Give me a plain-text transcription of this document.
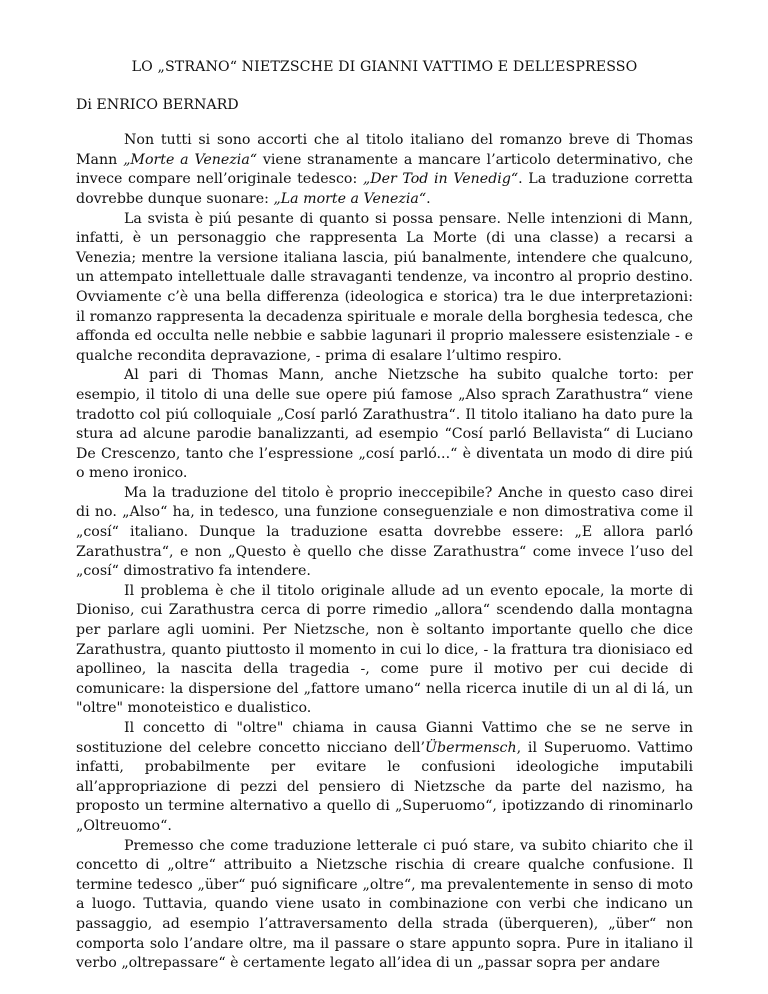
LO „STRANO“ NIETZSCHE DI GIANNI VATTIMO E DELL’ESPRESSO
Di ENRICO BERNARD

Non tutti si sono accorti che al titolo italiano del romanzo breve di Thomas Mann „Morte a Venezia“ viene stranamente a mancare l’articolo determinativo, che invece compare nell’originale tedesco: „Der Tod in Venedig“. La traduzione corretta dovrebbe dunque suonare: „La morte a Venezia“.

La svista è piú pesante di quanto si possa pensare. Nelle intenzioni di Mann, infatti, è un personaggio che rappresenta La Morte (di una classe) a recarsi a Venezia; mentre la versione italiana lascia, piú banalmente, intendere che qualcuno, un attempato intellettuale dalle stravaganti tendenze, va incontro al proprio destino. Ovviamente c’è una bella differenza (ideologica e storica) tra le due interpretazioni: il romanzo rappresenta la decadenza spirituale e morale della borghesia tedesca, che affonda ed occulta nelle nebbie e sabbie lagunari il proprio malessere esistenziale - e qualche recondita depravazione, - prima di esalare l’ultimo respiro.

Al pari di Thomas Mann, anche Nietzsche ha subito qualche torto: per esempio, il titolo di una delle sue opere piú famose „Also sprach Zarathustra“ viene tradotto col piú colloquiale „Cosí parló Zarathustra“. Il titolo italiano ha dato pure la stura ad alcune parodie banalizzanti, ad esempio “Cosí parló Bellavista“ di Luciano De Crescenzo, tanto che l’espressione „cosí parló...“ è diventata un modo di dire piú o meno ironico.

Ma la traduzione del titolo è proprio ineccepibile? Anche in questo caso direi di no. „Also“ ha, in tedesco, una funzione conseguenziale e non dimostrativa come il „cosí“ italiano. Dunque la traduzione esatta dovrebbe essere: „E allora parló Zarathustra“, e non „Questo è quello che disse Zarathustra“ come invece l’uso del „cosí“ dimostrativo fa intendere.

Il problema è che il titolo originale allude ad un evento epocale, la morte di Dioniso, cui Zarathustra cerca di porre rimedio „allora“ scendendo dalla montagna per parlare agli uomini. Per Nietzsche, non è soltanto importante quello che dice Zarathustra, quanto piuttosto il momento in cui lo dice, - la frattura tra dionisiaco ed apollineo, la nascita della tragedia -, come pure il motivo per cui decide di comunicare: la dispersione del „fattore umano“ nella ricerca inutile di un al di lá, un "oltre" monoteistico e dualistico.

Il concetto di "oltre" chiama in causa Gianni Vattimo che se ne serve in sostituzione del celebre concetto nicciano dell’Übermensch, il Superuomo. Vattimo infatti, probabilmente per evitare le confusioni ideologiche imputabili all’appropriazione di pezzi del pensiero di Nietzsche da parte del nazismo, ha proposto un termine alternativo a quello di „Superuomo“, ipotizzando di rinominarlo „Oltreuomo“.

Premesso che come traduzione letterale ci puó stare, va subito chiarito che il concetto di „oltre“ attribuito a Nietzsche rischia di creare qualche confusione. Il termine tedesco „über“ puó significare „oltre“, ma prevalentemente in senso di moto a luogo. Tuttavia, quando viene usato in combinazione con verbi che indicano un passaggio, ad esempio l’attraversamento della strada (überqueren), „über“ non comporta solo l’andare oltre, ma il passare o stare appunto sopra. Pure in italiano il verbo „oltrepassare“ è certamente legato all’idea di un „passar sopra per andare
